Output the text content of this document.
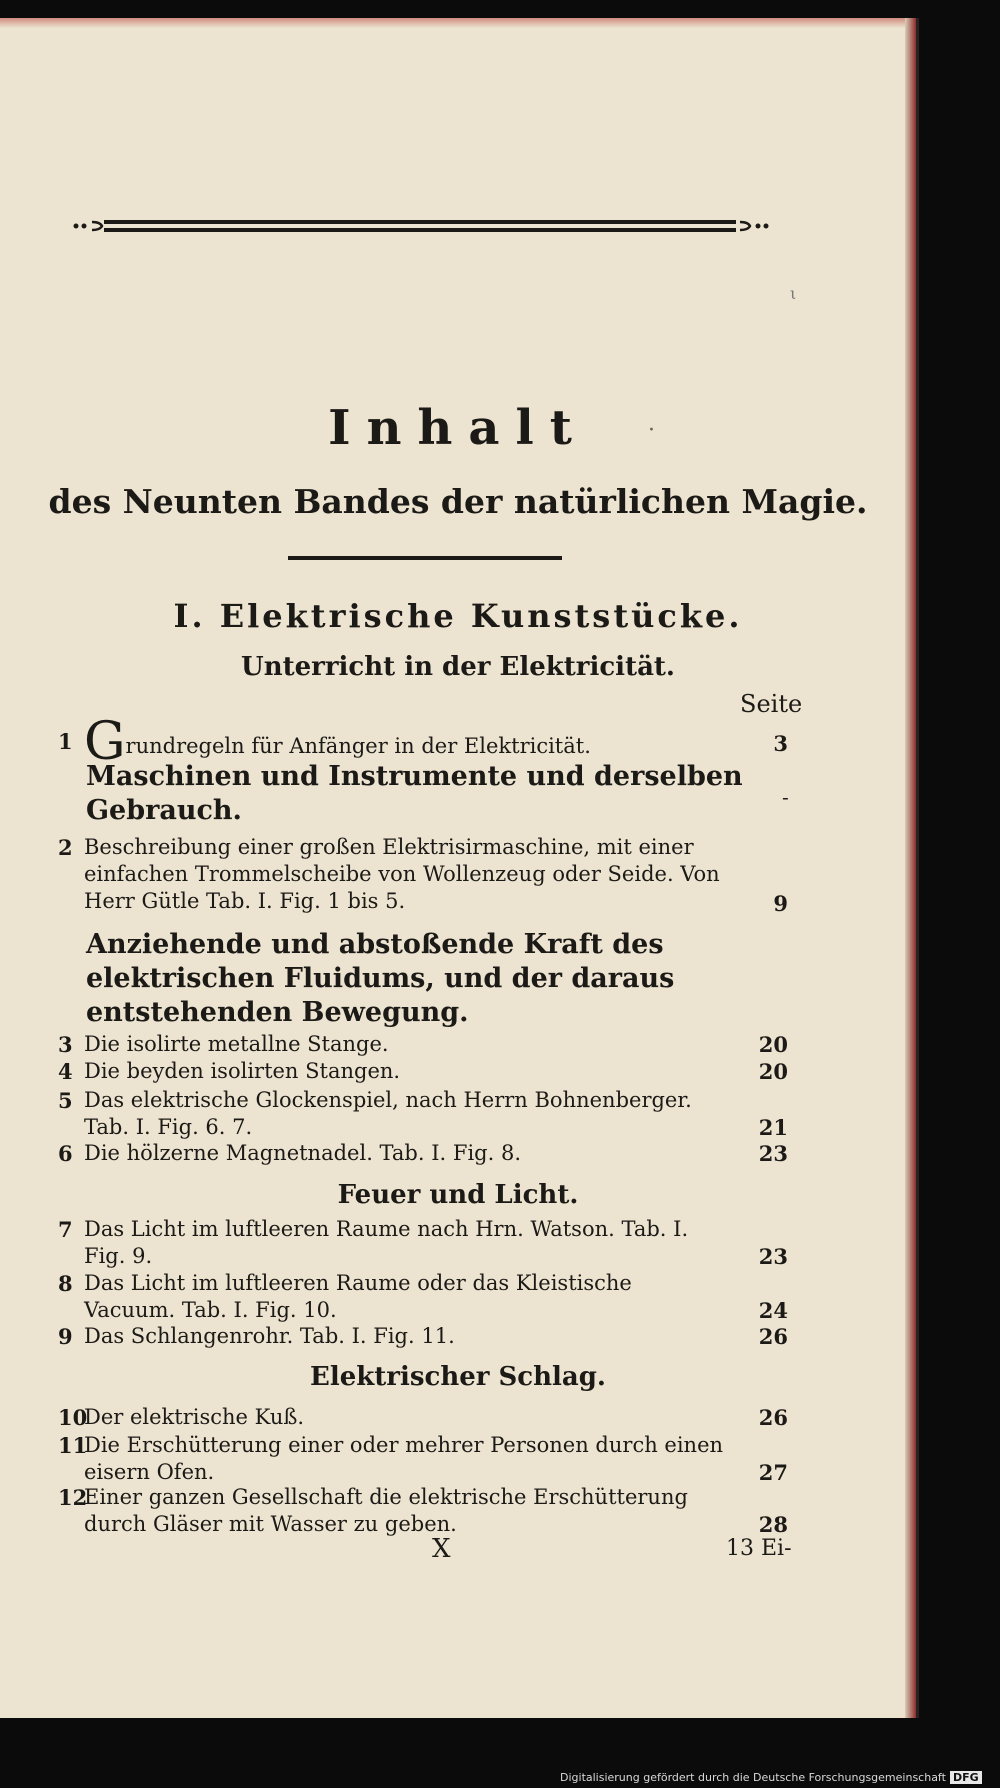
ι
Inhalt	·
des Neunten Bandes der natürlichen Magie.
I. Elektrische Kunststücke.
Unterricht in der Elektricität.
Seite
1 Grundregeln für Anfänger in der Elektricität.	3
Maschinen und Instrumente und derselben Gebrauch.	-
2 Beschreibung einer großen Elektrisirmaschine, mit einer einfachen Trommelscheibe von Wollenzeug oder Seide. Von Herr Gütle Tab. I. Fig. 1 bis 5.	9
Anziehende und abstoßende Kraft des elektrischen Fluidums, und der daraus entstehenden Bewegung.
3 Die isolirte metallne Stange.	20
4 Die beyden isolirten Stangen.	20
5 Das elektrische Glockenspiel, nach Herrn Bohnenberger. Tab. I. Fig. 6. 7.	21
6 Die hölzerne Magnetnadel. Tab. I. Fig. 8.	23
Feuer und Licht.
7 Das Licht im luftleeren Raume nach Hrn. Watson. Tab. I. Fig. 9.	23
8 Das Licht im luftleeren Raume oder das Kleistische Vacuum. Tab. I. Fig. 10.	24
9 Das Schlangenrohr. Tab. I. Fig. 11.	26
Elektrischer Schlag.
10
Der elektrische Kuß.	26
11
Die Erschütterung einer oder mehrer Personen durch einen eisern Ofen.	27
12
Einer ganzen Gesellschaft die elektrische Erschütterung durch Gläser mit Wasser zu geben.	28
X	13 Ei-
Digitalisierung gefördert durch die Deutsche Forschungsgemeinschaft DFG
